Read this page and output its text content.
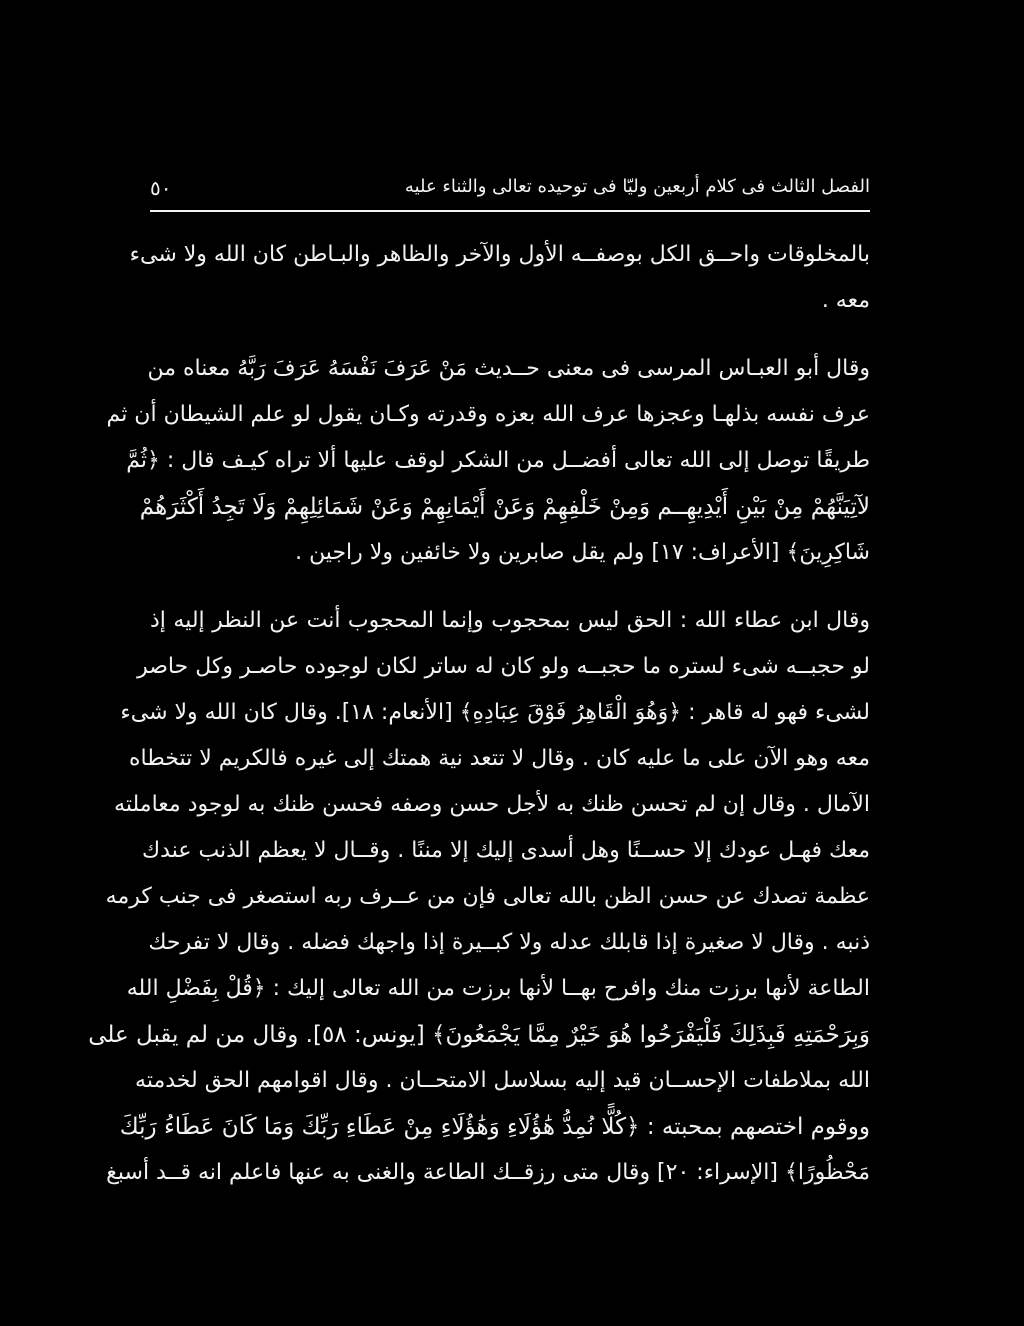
٥٠	الفصل الثالث فى كلام أربعين وليّا فى توحيده تعالى والثناء عليه
بالمخلوقات واحــق الكل بوصفــه الأول والآخر والظاهر والبـاطن كان الله ولا شىء
معه .
وقال أبو العبـاس المرسى فى معنى حــديث مَنْ عَرَفَ نَفْسَهُ عَرَفَ رَبَّهُ معناه من
عرف نفسه بذلهـا وعجزها عرف الله بعزه وقدرته وكـان يقول لو علم الشيطان أن ثم
طريقًا توصل إلى الله تعالى أفضــل من الشكر لوقف عليها ألا تراه كيـف قال : ﴿ثُمَّ
لآتِيَنَّهُمْ مِنْ بَيْنِ أَيْدِيهِــم وَمِنْ خَلْفِهِمْ وَعَنْ أَيْمَانِهِمْ وَعَنْ شَمَائِلِهِمْ وَلَا تَجِدُ أَكْثَرَهُمْ
شَاكِرِينَ﴾ [الأعراف: ١٧] ولم يقل صابرين ولا خائفين ولا راجين .
وقال ابن عطاء الله : الحق ليس بمحجوب وإنما المحجوب أنت عن النظر إليه إذ
لو حجبــه شىء لستره ما حجبــه ولو كان له ساتر لكان لوجوده حاصـر وكل حاصر
لشىء فهو له قاهر : ﴿وَهُوَ الْقَاهِرُ فَوْقَ عِبَادِهِ﴾ [الأنعام: ١٨]. وقال كان الله ولا شىء
معه وهو الآن على ما عليه كان . وقال لا تتعد نية همتك إلى غيره فالكريم لا تتخطاه
الآمال . وقال إن لم تحسن ظنك به لأجل حسن وصفه فحسن ظنك به لوجود معاملته
معك فهـل عودك إلا حســنًا وهل أسدى إليك إلا مننًا . وقــال لا يعظم الذنب عندك
عظمة تصدك عن حسن الظن بالله تعالى فإن من عــرف ربه استصغر فى جنب كرمه
ذنبه . وقال لا صغيرة إذا قابلك عدله ولا كبــيرة إذا واجهك فضله . وقال لا تفرحك
الطاعة لأنها برزت منك وافرح بهــا لأنها برزت من الله تعالى إليك : ﴿قُلْ بِفَضْلِ الله
وَبِرَحْمَتِهِ فَبِذَلِكَ فَلْيَفْرَحُوا هُوَ خَيْرٌ مِمَّا يَجْمَعُونَ﴾ [يونس: ٥٨]. وقال من لم يقبل على
الله بملاطفات الإحســان قيد إليه بسلاسل الامتحــان . وقال اقوامهم الحق لخدمته
ووقوم اختصهم بمحبته : ﴿كُلًّا نُمِدُّ هَٰؤُلَاءِ وَهَٰؤُلَاءِ مِنْ عَطَاءِ رَبِّكَ وَمَا كَانَ عَطَاءُ رَبِّكَ
مَحْظُورًا﴾ [الإسراء: ٢٠] وقال متى رزقــك الطاعة والغنى به عنها فاعلم انه قــد أسبغ
